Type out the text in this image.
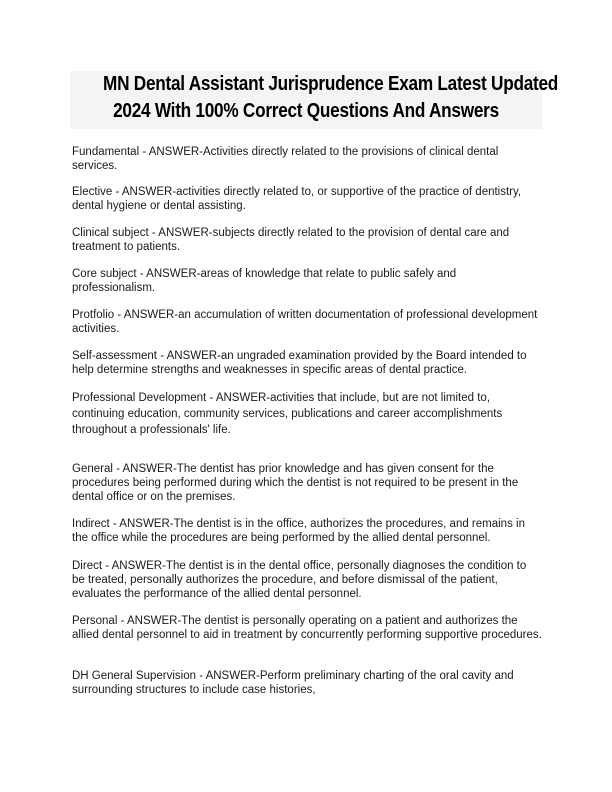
MN Dental Assistant Jurisprudence Exam Latest Updated
2024 With 100% Correct Questions And Answers

Fundamental - ANSWER-Activities directly related to the provisions of clinical dental services.

Elective - ANSWER-activities directly related to, or supportive of the practice of dentistry, dental hygiene or dental assisting.

Clinical subject - ANSWER-subjects directly related to the provision of dental care and treatment to patients.

Core subject - ANSWER-areas of knowledge that relate to public safely and professionalism.

Protfolio - ANSWER-an accumulation of written documentation of professional development activities.

Self-assessment - ANSWER-an ungraded examination provided by the Board intended to help determine strengths and weaknesses in specific areas of dental practice.

Professional Development - ANSWER-activities that include, but are not limited to, continuing education, community services, publications and career accomplishments throughout a professionals' life.

General - ANSWER-The dentist has prior knowledge and has given consent for the procedures being performed during which the dentist is not required to be present in the dental office or on the premises.

Indirect - ANSWER-The dentist is in the office, authorizes the procedures, and remains in the office while the procedures are being performed by the allied dental personnel.

Direct - ANSWER-The dentist is in the dental office, personally diagnoses the condition to be treated, personally authorizes the procedure, and before dismissal of the patient, evaluates the performance of the allied dental personnel.

Personal - ANSWER-The dentist is personally operating on a patient and authorizes the allied dental personnel to aid in treatment by concurrently performing supportive procedures.

DH General Supervision - ANSWER-Perform preliminary charting of the oral cavity and surrounding structures to include case histories,
